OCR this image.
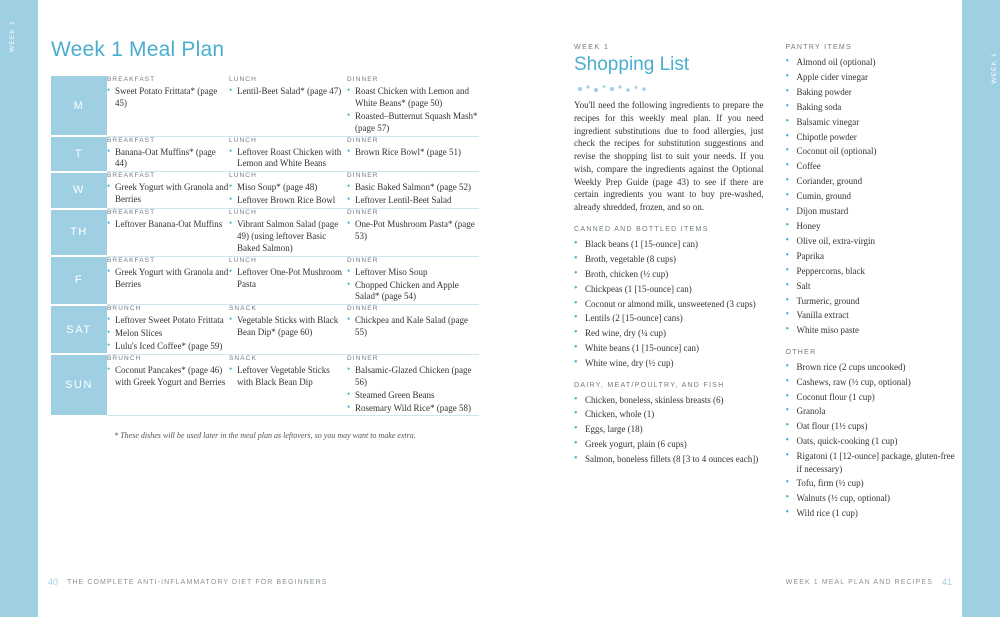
WEEK 1
WEEK 1
Week 1 Meal Plan
M	
BREAKFAST
• Sweet Potato Frittata* (page 45)

LUNCH
• Lentil-Beet Salad* (page 47)

DINNER
• Roast Chicken with Lemon and White Beans* (page 50)
• Roasted–Butternut Squash Mash* (page 57)

T	
BREAKFAST
• Banana-Oat Muffins* (page 44)

LUNCH
• Leftover Roast Chicken with Lemon and White Beans

DINNER
• Brown Rice Bowl* (page 51)

W	
BREAKFAST
• Greek Yogurt with Granola and Berries

LUNCH
• Miso Soup* (page 48)
• Leftover Brown Rice Bowl

DINNER
• Basic Baked Salmon* (page 52)
• Leftover Lentil-Beet Salad

TH	
BREAKFAST
• Leftover Banana-Oat Muffins

LUNCH
• Vibrant Salmon Salad (page 49) (using leftover Basic Baked Salmon)

DINNER
• One-Pot Mushroom Pasta* (page 53)

F	
BREAKFAST
• Greek Yogurt with Granola and Berries

LUNCH
• Leftover One-Pot Mushroom Pasta

DINNER
• Leftover Miso Soup
• Chopped Chicken and Apple Salad* (page 54)

SAT	
BRUNCH
• Leftover Sweet Potato Frittata
• Melon Slices
• Lulu's Iced Coffee* (page 59)

SNACK
• Vegetable Sticks with Black Bean Dip* (page 60)

DINNER
• Chickpea and Kale Salad (page 55)

SUN	
BRUNCH
• Coconut Pancakes* (page 46) with Greek Yogurt and Berries

SNACK
• Leftover Vegetable Sticks with Black Bean Dip

DINNER
• Balsamic-Glazed Chicken (page 56)
• Steamed Green Beans
• Rosemary Wild Rice* (page 58)
* These dishes will be used later in the meal plan as leftovers, so you may want to make extra.
WEEK 1
Shopping List

You'll need the following ingredients to prepare the recipes for this weekly meal plan. If you need ingredient substitutions due to food allergies, just check the recipes for substitution suggestions and revise the shopping list to suit your needs. If you wish, compare the ingredients against the Optional Weekly Prep Guide (page 43) to see if there are certain ingredients you want to buy pre-washed, already shredded, frozen, and so on.

CANNED AND BOTTLED ITEMS
• Black beans (1 [15-ounce] can)
• Broth, vegetable (8 cups)
• Broth, chicken (½ cup)
• Chickpeas (1 [15-ounce] can)
• Coconut or almond milk, unsweetened (3 cups)
• Lentils (2 [15-ounce] cans)
• Red wine, dry (¼ cup)
• White beans (1 [15-ounce] can)
• White wine, dry (½ cup)
DAIRY, MEAT/POULTRY, AND FISH
• Chicken, boneless, skinless breasts (6)
• Chicken, whole (1)
• Eggs, large (18)
• Greek yogurt, plain (6 cups)
• Salmon, boneless fillets (8 [3 to 4 ounces each])
PANTRY ITEMS
• Almond oil (optional)
• Apple cider vinegar
• Baking powder
• Baking soda
• Balsamic vinegar
• Chipotle powder
• Coconut oil (optional)
• Coffee
• Coriander, ground
• Cumin, ground
• Dijon mustard
• Honey
• Olive oil, extra-virgin
• Paprika
• Peppercorns, black
• Salt
• Turmeric, ground
• Vanilla extract
• White miso paste
OTHER
• Brown rice (2 cups uncooked)
• Cashews, raw (½ cup, optional)
• Coconut flour (1 cup)
• Granola
• Oat flour (1½ cups)
• Oats, quick-cooking (1 cup)
• Rigatoni (1 [12-ounce] package, gluten-free if necessary)
• Tofu, firm (½ cup)
• Walnuts (½ cup, optional)
• Wild rice (1 cup)
40 THE COMPLETE ANTI-INFLAMMATORY DIET FOR BEGINNERS	WEEK 1 MEAL PLAN AND RECIPES 41
